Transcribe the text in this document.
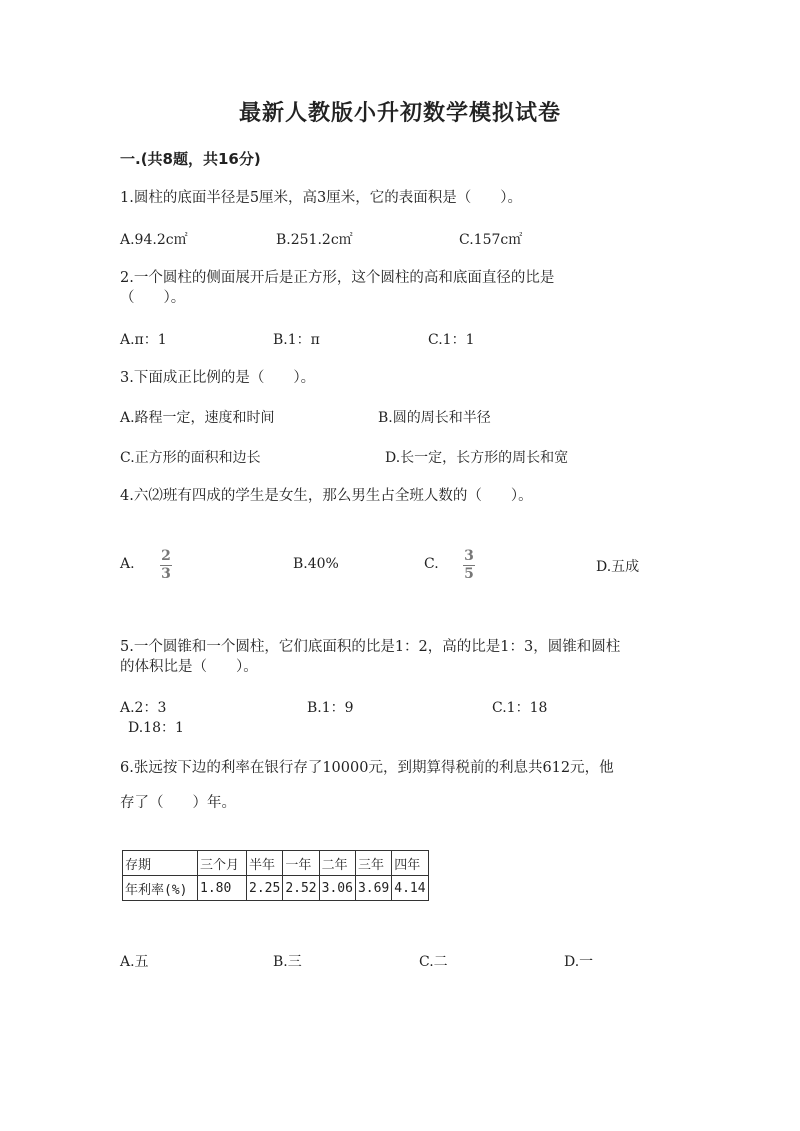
最新人教版小升初数学模拟试卷
一.(共8题，共16分)
1.圆柱的底面半径是5厘米，高3厘米，它的表面积是（　　）。
A.94.2c㎡	B.251.2c㎡	C.157c㎡
2.一个圆柱的侧面展开后是正方形，这个圆柱的高和底面直径的比是
（　　）。
A.π：1	B.1：π	C.1：1
3.下面成正比例的是（　　）。
A.路程一定，速度和时间	B.圆的周长和半径
C.正方形的面积和边长	D.长一定，长方形的周长和宽
4.六⑵班有四成的学生是女生，那么男生占全班人数的（　　）。
A. 2
3
B.40%	C. 3
5	D.五成
5.一个圆锥和一个圆柱，它们底面积的比是1：2，高的比是1：3，圆锥和圆柱
的体积比是（　　）。
A.2：3	B.1：9	C.1：18
D.18：1
6.张远按下边的利率在银行存了10000元，到期算得税前的利息共612元，他
存了（　　）年。
存期	三个月	半年	一年	二年	三年	四年
年利率(%)	1.80	2.25	2.52	3.06	3.69	4.14
A.五	B.三	C.二	D.一
